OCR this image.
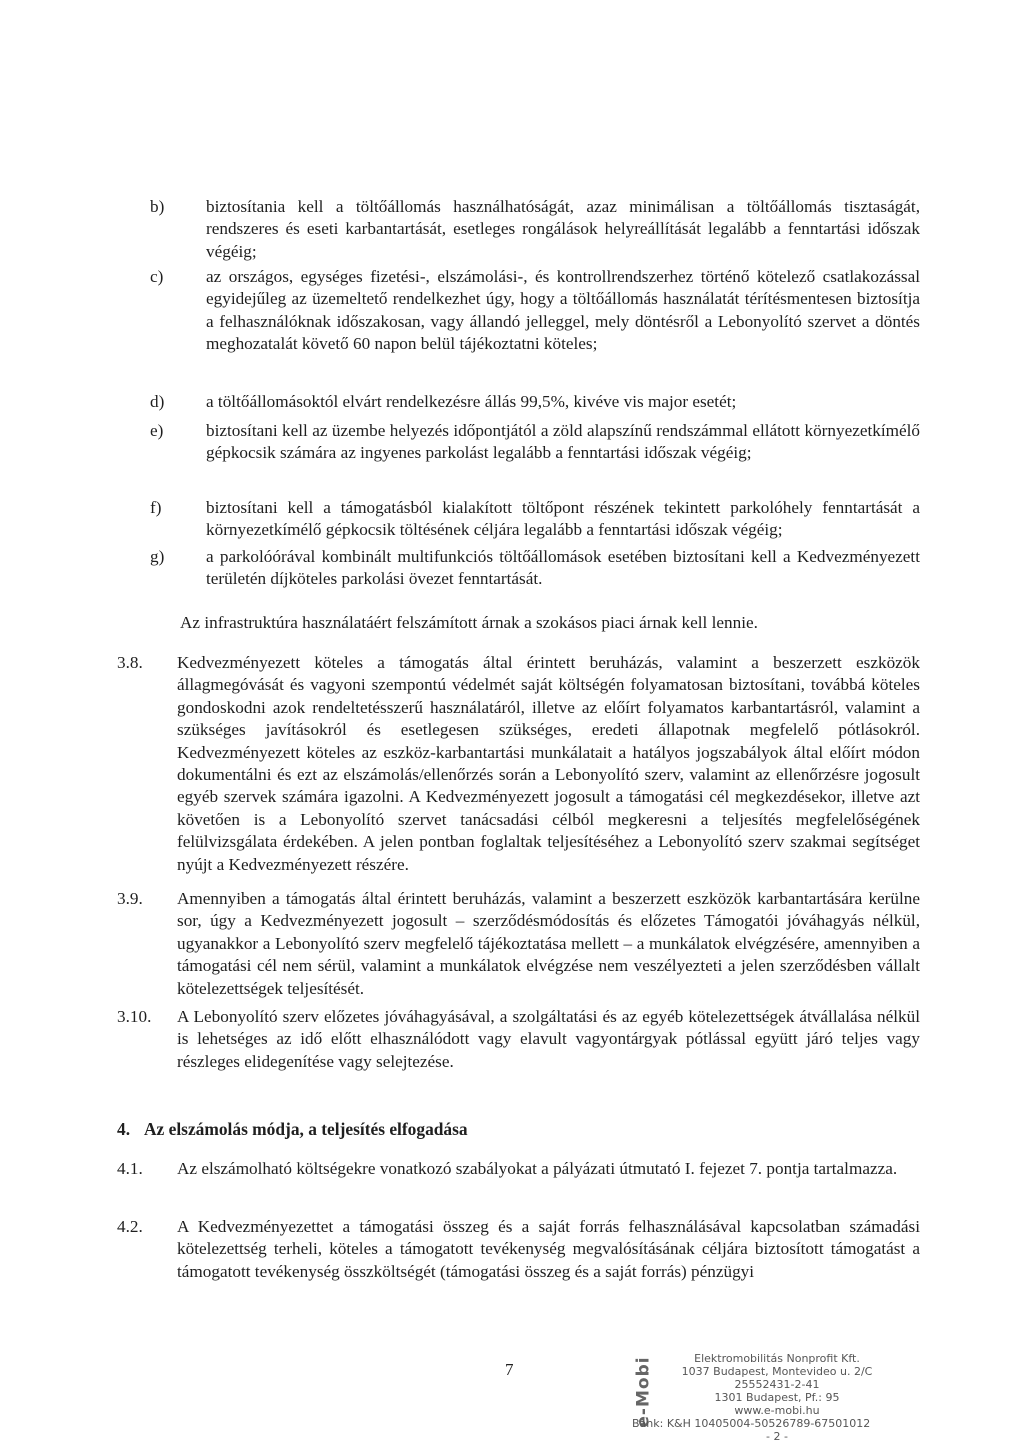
b) biztosítania kell a töltőállomás használhatóságát, azaz minimálisan a töltőállomás tisztaságát, rendszeres és eseti karbantartását, esetleges rongálások helyreállítását legalább a fenntartási időszak végéig;
c) az országos, egységes fizetési-, elszámolási-, és kontrollrendszerhez történő kötelező csatlakozással egyidejűleg az üzemeltető rendelkezhet úgy, hogy a töltőállomás használatát térítésmentesen biztosítja a felhasználóknak időszakosan, vagy állandó jelleggel, mely döntésről a Lebonyolító szervet a döntés meghozatalát követő 60 napon belül tájékoztatni köteles;
d) a töltőállomásoktól elvárt rendelkezésre állás 99,5%, kivéve vis major esetét;
e) biztosítani kell az üzembe helyezés időpontjától a zöld alapszínű rendszámmal ellátott környezetkímélő gépkocsik számára az ingyenes parkolást legalább a fenntartási időszak végéig;
f)	biztosítani kell a támogatásból kialakított töltőpont részének tekintett parkolóhely fenntartását a környezetkímélő gépkocsik töltésének céljára legalább a fenntartási időszak végéig;
g) a parkolóórával kombinált multifunkciós töltőállomások esetében biztosítani kell a Kedvezményezett területén díjköteles parkolási övezet fenntartását.
Az infrastruktúra használatáért felszámított árnak a szokásos piaci árnak kell lennie.
3.8. Kedvezményezett köteles a támogatás által érintett beruházás, valamint a beszerzett eszközök állagmegóvását és vagyoni szempontú védelmét saját költségén folyamatosan biztosítani, továbbá köteles gondoskodni azok rendeltetésszerű használatáról, illetve az előírt folyamatos karbantartásról, valamint a szükséges javításokról és esetlegesen szükséges, eredeti állapotnak megfelelő pótlásokról. Kedvezményezett köteles az eszköz-karbantartási munkálatait a hatályos jogszabályok által előírt módon dokumentálni és ezt az elszámolás/ellenőrzés során a Lebonyolító szerv, valamint az ellenőrzésre jogosult egyéb szervek számára igazolni. A Kedvezményezett jogosult a támogatási cél megkezdésekor, illetve azt követően is a Lebonyolító szervet tanácsadási célból megkeresni a teljesítés megfelelőségének felülvizsgálata érdekében. A jelen pontban foglaltak teljesítéséhez a Lebonyolító szerv szakmai segítséget nyújt a Kedvezményezett részére.
3.9. Amennyiben a támogatás által érintett beruházás, valamint a beszerzett eszközök karbantartására kerülne sor, úgy a Kedvezményezett jogosult – szerződésmódosítás és előzetes Támogatói jóváhagyás nélkül, ugyanakkor a Lebonyolító szerv megfelelő tájékoztatása mellett – a munkálatok elvégzésére, amennyiben a támogatási cél nem sérül, valamint a munkálatok elvégzése nem veszélyezteti a jelen szerződésben vállalt kötelezettségek teljesítését.
3.10. A Lebonyolító szerv előzetes jóváhagyásával, a szolgáltatási és az egyéb kötelezettségek átvállalása nélkül is lehetséges az idő előtt elhasználódott vagy elavult vagyontárgyak pótlással együtt járó teljes vagy részleges elidegenítése vagy selejtezése.
4. Az elszámolás módja, a teljesítés elfogadása
4.1. Az elszámolható költségekre vonatkozó szabályokat a pályázati útmutató I. fejezet 7. pontja tartalmazza.
4.2. A Kedvezményezettet a támogatási összeg és a saját forrás felhasználásával kapcsolatban számadási kötelezettség terheli, köteles a támogatott tevékenység megvalósításának céljára biztosított támogatást a támogatott tevékenység összköltségét (támogatási összeg és a saját forrás) pénzügyi
7	e-Mobi	Elektromobilitás Nonprofit Kft.
1037 Budapest, Montevideo u. 2/C
25552431-2-41
1301 Budapest, Pf.: 95
www.e-mobi.hu
Bank: K&H 10405004-50526789-67501012
- 2 -
